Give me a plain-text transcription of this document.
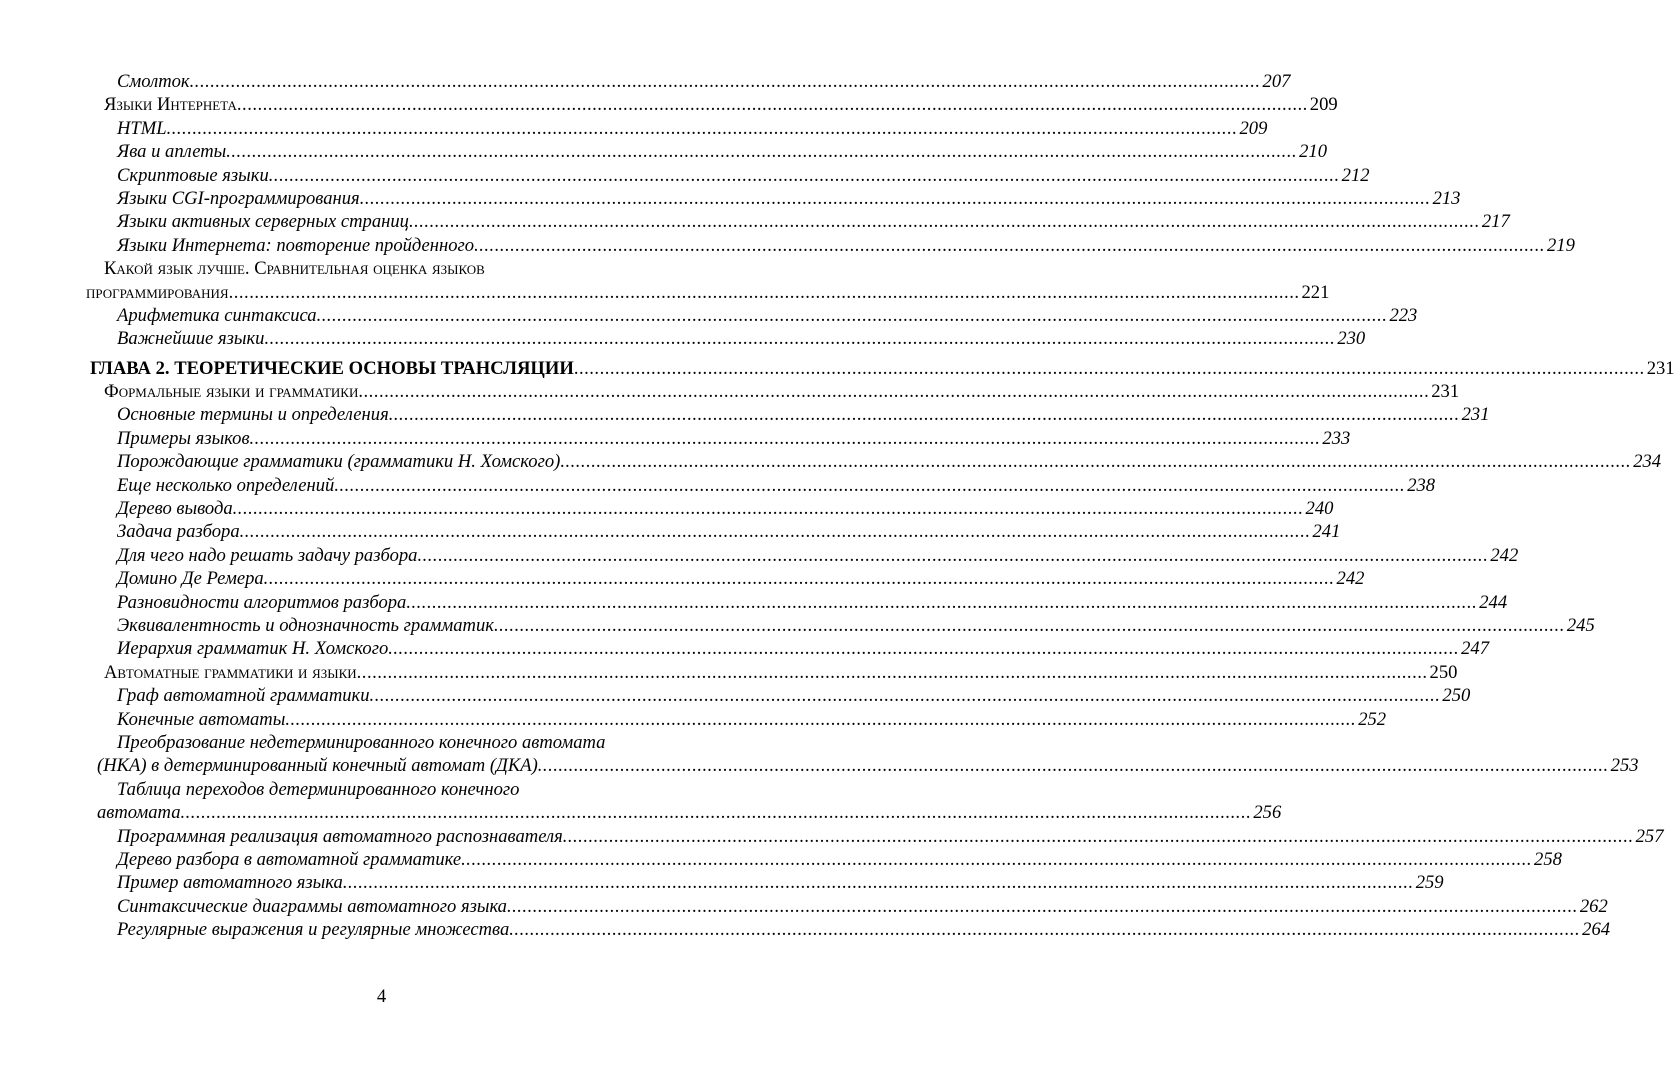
Смолток .....	207
Языки Интернета .....	209
HTML .....	209
Ява и аплеты .....	210
Скриптовые языки .....	212
Языки CGI-программирования .....	213
Языки активных серверных страниц .....	217
Языки Интернета: повторение пройденного .....	219
Какой язык лучше. Сравнительная оценка языков
программирования .....	221
Арифметика синтаксиса .....	223
Важнейшие языки .....	230
ГЛАВА 2. ТЕОРЕТИЧЕСКИЕ ОСНОВЫ ТРАНСЛЯЦИИ .....	231
Формальные языки и грамматики .....	231
Основные термины и определения .....	231
Примеры языков .....	233
Порождающие грамматики (грамматики Н. Хомского) .....	234
Еще несколько определений .....	238
Дерево вывода .....	240
Задача разбора .....	241
Для чего надо решать задачу разбора .....	242
Домино Де Ремера .....	242
Разновидности алгоритмов разбора .....	244
Эквивалентность и однозначность грамматик .....	245
Иерархия грамматик Н. Хомского .....	247
Автоматные грамматики и языки .....	250
Граф автоматной грамматики .....	250
Конечные автоматы .....	252
Преобразование недетерминированного конечного автомата
(НКА) в детерминированный конечный автомат (ДКА) .....	253
Таблица переходов детерминированного конечного
автомата .....	256
Программная реализация автоматного распознавателя .....	257
Дерево разбора в автоматной грамматике .....	258
Пример автоматного языка .....	259
Синтаксические диаграммы автоматного языка .....	262
Регулярные выражения и регулярные множества .....	264
4
